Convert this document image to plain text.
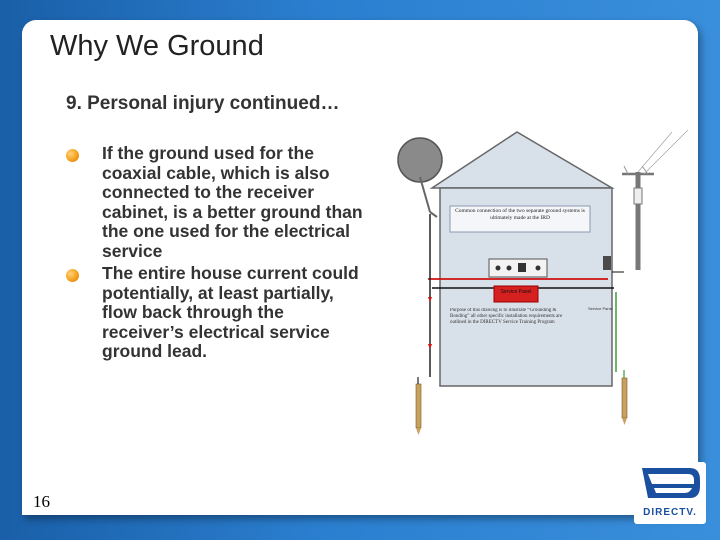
Why We Ground
9. Personal injury continued…
If the ground used for the coaxial cable, which is also connected to the receiver cabinet, is a better ground than the one used for the electrical service
The entire house current could potentially, at least partially, flow back through the receiver’s electrical service ground lead.
Common connection of the two separate ground systems is ultimately made at the IRD
Service Panel
Purpose of this drawing is to illustrate “Grounding & Bonding” all other specific installation requirements are outlined in the DIRECTV Service Training Program
Service Panel
16
DIRECTV.
